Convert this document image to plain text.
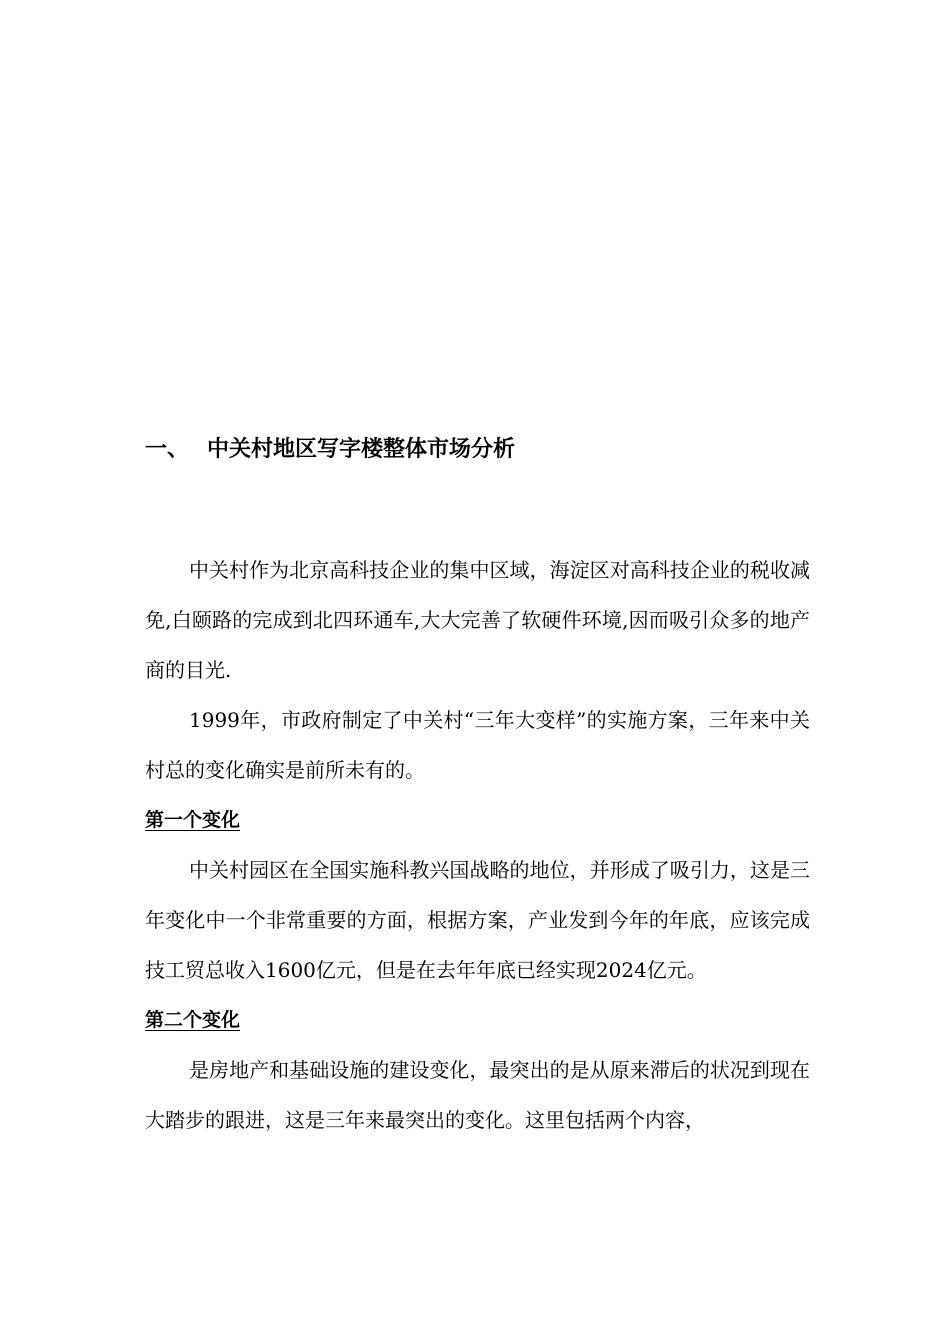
一、 中关村地区写字楼整体市场分析

中关村作为北京高科技企业的集中区域，海淀区对高科技企业的税收减免,白颐路的完成到北四环通车,大大完善了软硬件环境,因而吸引众多的地产商的目光.

1999年，市政府制定了中关村“三年大变样”的实施方案，三年来中关村总的变化确实是前所未有的。

第一个变化

中关村园区在全国实施科教兴国战略的地位，并形成了吸引力，这是三年变化中一个非常重要的方面，根据方案，产业发到今年的年底，应该完成技工贸总收入1600亿元，但是在去年年底已经实现2024亿元。

第二个变化

是房地产和基础设施的建设变化，最突出的是从原来滞后的状况到现在大踏步的跟进，这是三年来最突出的变化。这里包括两个内容，
